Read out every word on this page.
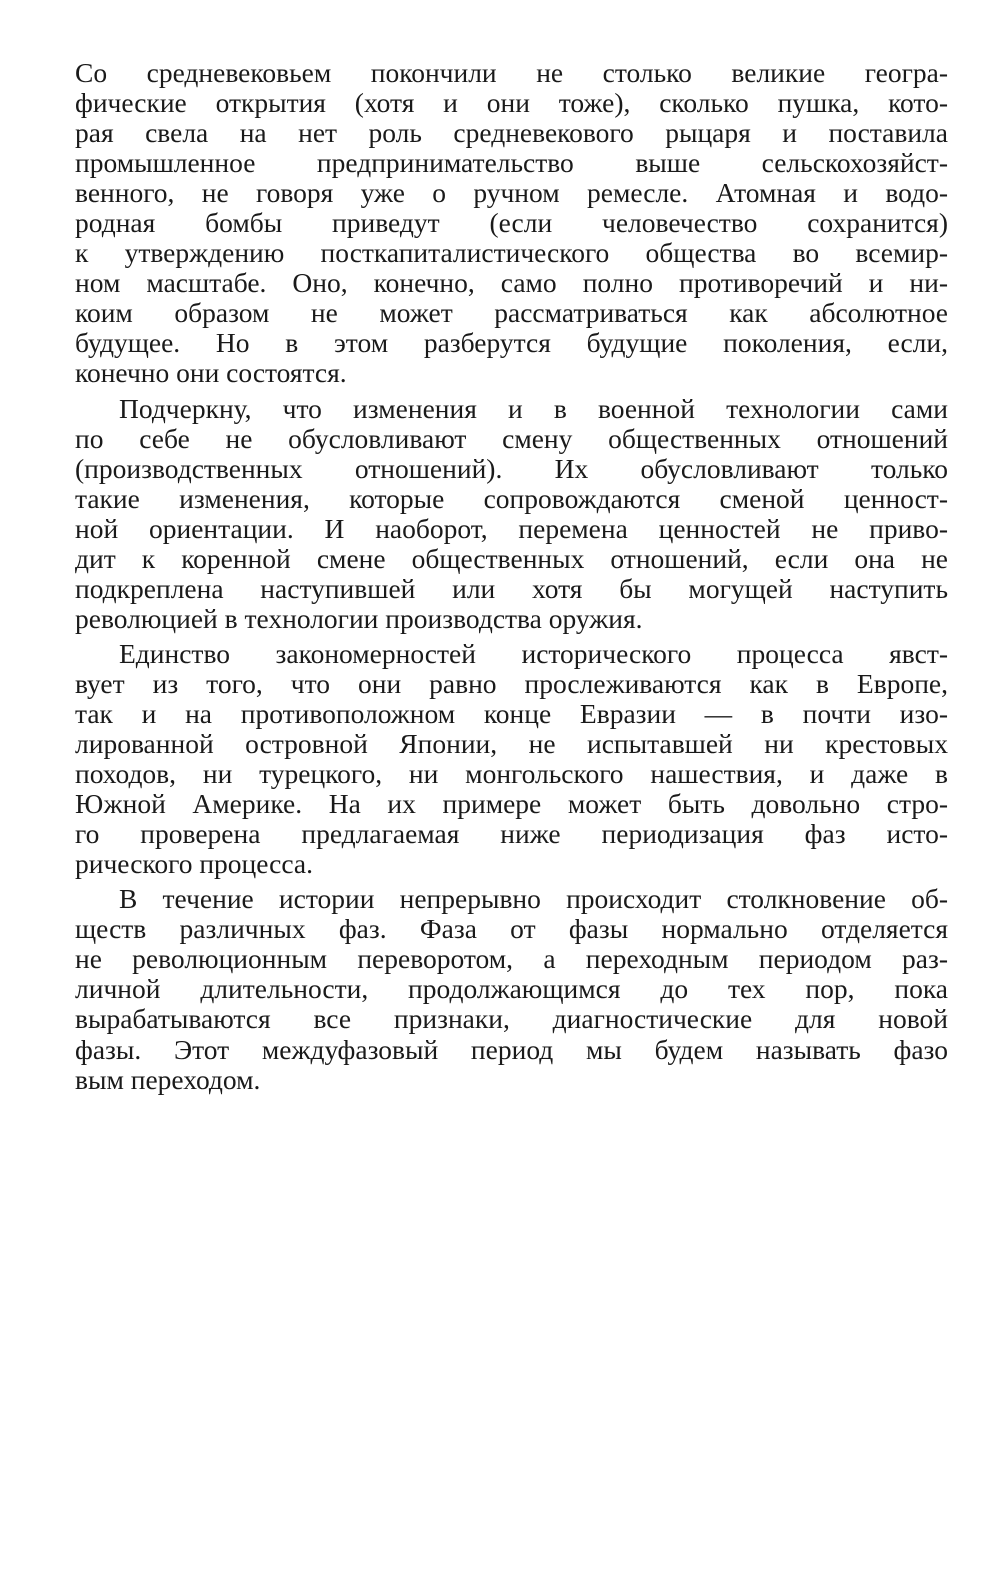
Со средневековьем покончили не столько великие геогра-
фические открытия (хотя и они тоже), сколько пушка, кото-
рая свела на нет роль средневекового рыцаря и поставила
промышленное предпринимательство выше сельскохозяйст-
венного, не говоря уже о ручном ремесле. Атомная и водо-
родная бомбы приведут (если человечество сохранится)
к утверждению посткапиталистического общества во всемир-
ном масштабе. Оно, конечно, само полно противоречий и ни-
коим образом не может рассматриваться как абсолютное
будущее. Но в этом разберутся будущие поколения, если,
конечно они состоятся.
Подчеркну, что изменения и в военной технологии сами
по себе не обусловливают смену общественных отношений
(производственных отношений). Их обусловливают только
такие изменения, которые сопровождаются сменой ценност-
ной ориентации. И наоборот, перемена ценностей не приво-
дит к коренной смене общественных отношений, если она не
подкреплена наступившей или хотя бы могущей наступить
революцией в технологии производства оружия.
Единство закономерностей исторического процесса явст-
вует из того, что они равно прослеживаются как в Европе,
так и на противоположном конце Евразии — в почти изо-
лированной островной Японии, не испытавшей ни крестовых
походов, ни турецкого, ни монгольского нашествия, и даже в
Южной Америке. На их примере может быть довольно стро-
го проверена предлагаемая ниже периодизация фаз исто-
рического процесса.
В течение истории непрерывно происходит столкновение об-
ществ различных фаз. Фаза от фазы нормально отделяется
не революционным переворотом, а переходным периодом раз-
личной длительности, продолжающимся до тех пор, пока
вырабатываются все признаки, диагностические для новой
фазы. Этот междуфазовый период мы будем называть фазо
вым переходом.
